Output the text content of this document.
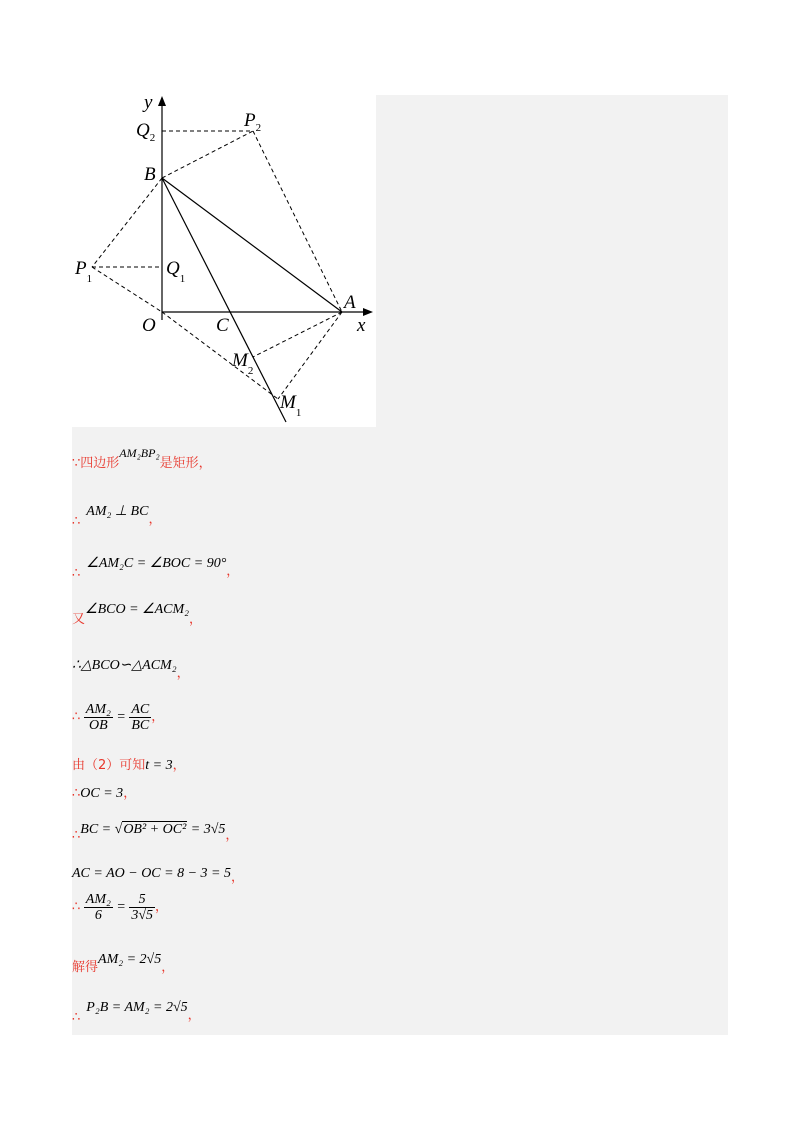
y
$Q_2$
$P_2$
B
$P_1$	$Q_1$
O	C
A
x
$M_2$
$M_1$
∵四边形AM₂BP₂是矩形，
∴AM₂ ⊥ BC，
∴∠AM₂C = ∠BOC = 90°，
又∠BCO = ∠ACM₂，
∴△BCO∽△ACM₂，
∴ $\frac{\text{AM₂}}{OB} = \frac{AC}{BC}$ ，
由（2）可知t = 3，
∴OC = 3，
∴BC = √OB² + OC² = 3√5，
AC = AO − OC = 8 − 3 = 5，
∴ $\frac{\text{AM₂}}{6} = \frac{5}{3√5}$ ，
解得AM₂ = 2√5，
∴P₂B = AM₂ = 2√5，
